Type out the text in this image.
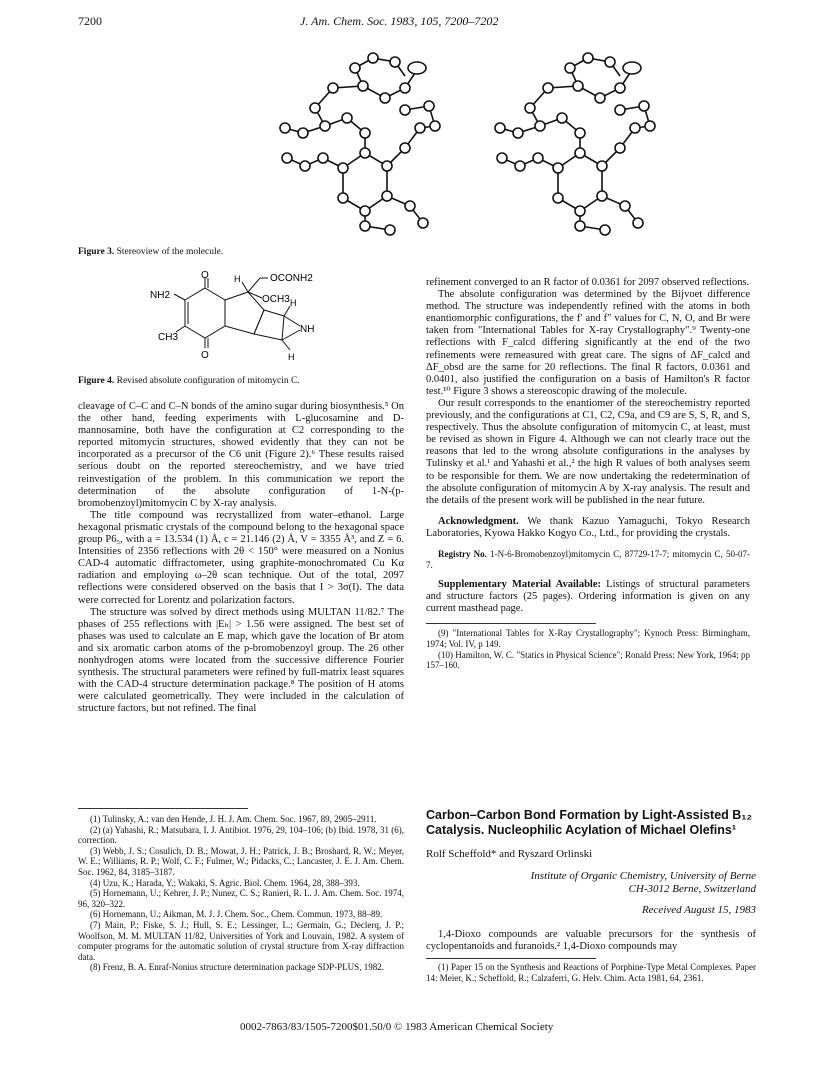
7200	J. Am. Chem. Soc. 1983, 105, 7200–7202
Figure 3. Stereoview of the molecule.
O
O
NH2
CH3
H	OCONH2
OCH3 H
H
NH
Figure 4. Revised absolute configuration of mitomycin C.

cleavage of C–C and C–N bonds of the amino sugar during biosynthesis.⁵ On the other hand, feeding experiments with L-glucosamine and D-mannosamine, both have the configuration at C2 corresponding to the reported mitomycin structures, showed evidently that they can not be incorporated as a precursor of the C6 unit (Figure 2).⁶ These results raised serious doubt on the reported stereochemistry, and we have tried reinvestigation of the problem. In this communication we report the determination of the absolute configuration of 1-N-(p-bromobenzoyl)mitomycin C by X-ray analysis.

The title compound was recrystallized from water–ethanol. Large hexagonal prismatic crystals of the compound belong to the hexagonal space group P6₅, with a = 13.534 (1) Å, c = 21.146 (2) Å, V = 3355 Å³, and Z = 6. Intensities of 2356 reflections with 2θ < 150° were measured on a Nonius CAD-4 automatic diffractometer, using graphite-monochromated Cu Kα radiation and employing ω–2θ scan technique. Out of the total, 2097 reflections were considered observed on the basis that I > 3σ(I). The data were corrected for Lorentz and polarization factors.

The structure was solved by direct methods using MULTAN 11/82.⁷ The phases of 255 reflections with |Eₕ| > 1.56 were assigned. The best set of phases was used to calculate an E map, which gave the location of Br atom and six aromatic carbon atoms of the p-bromobenzoyl group. The 26 other nonhydrogen atoms were located from the successive difference Fourier synthesis. The structural parameters were refined by full-matrix least squares with the CAD-4 structure determination package.⁸ The position of H atoms were calculated geometrically. They were included in the calculation of structure factors, but not refined. The final

refinement converged to an R factor of 0.0361 for 2097 observed reflections.

The absolute configuration was determined by the Bijvoet difference method. The structure was independently refined with the atoms in both enantiomorphic configurations, the f′ and f″ values for C, N, O, and Br were taken from "International Tables for X-ray Crystallography".⁹ Twenty-one reflections with F_calcd differing significantly at the end of the two refinements were remeasured with great care. The signs of ΔF_calcd and ΔF_obsd are the same for 20 reflections. The final R factors, 0.0361 and 0.0401, also justified the configuration on a basis of Hamilton's R factor test.¹⁰ Figure 3 shows a stereoscopic drawing of the molecule.

Our result corresponds to the enantiomer of the stereochemistry reported previously, and the configurations at C1, C2, C9a, and C9 are S, S, R, and S, respectively. Thus the absolute configuration of mitomycin C, at least, must be revised as shown in Figure 4. Although we can not clearly trace out the reasons that led to the wrong absolute configurations in the analyses by Tulinsky et al.¹ and Yahashi et al.,² the high R values of both analyses seem to be responsible for them. We are now undertaking the redetermination of the absolute configuration of mitomycin A by X-ray analysis. The result and the details of the present work will be published in the near future.

Acknowledgment. We thank Kazuo Yamaguchi, Tokyo Research Laboratories, Kyowa Hakko Kogyo Co., Ltd., for providing the crystals.

Registry No. 1-N-6-Bromobenzoyl)mitomycin C, 87729-17-7; mitomycin C, 50-07-7.

Supplementary Material Available: Listings of structural parameters and structure factors (25 pages). Ordering information is given on any current masthead page.

(9) "International Tables for X-Ray Crystallography"; Kynoch Press: Birmingham, 1974; Vol. IV, p 149.

(10) Hamilton, W. C. "Statics in Physical Science"; Ronald Press: New York, 1964; pp 157–160.

(1) Tulinsky, A.; van den Hende, J. H. J. Am. Chem. Soc. 1967, 89, 2905–2911.

(2) (a) Yahashi, R.; Matsubara, I. J. Antibiot. 1976, 29, 104–106; (b) Ibid. 1978, 31 (6), correction.

(3) Webb, J. S.; Cosulich, D. B.; Mowat, J. H.; Patrick, J. B.; Broshard, R. W.; Meyer, W. E.; Williams, R. P.; Wolf, C. F.; Fulmer, W.; Pidacks, C.; Lancaster, J. E. J. Am. Chem. Soc. 1962, 84, 3185–3187.

(4) Uzu, K.; Harada, Y.; Wakaki, S. Agric. Biol. Chem. 1964, 28, 388–393.

(5) Hornemann, U.; Kehrer, J. P.; Nunez, C. S.; Ranieri, R. L. J. Am. Chem. Soc. 1974, 96, 320–322.

(6) Hornemann, U.; Aikman, M. J. J. Chem. Soc., Chem. Commun. 1973, 88–89.

(7) Main, P.; Fiske, S. J.; Hull, S. E.; Lessinger, L.; Germain, G.; Declerq, J. P.; Woolfson, M. M. MULTAN 11/82, Universities of York and Louvain, 1982. A system of computer programs for the automatic solution of crystal structure from X-ray diffraction data.

(8) Frenz, B. A. Enraf-Nonius structure determination package SDP-PLUS, 1982.

Carbon–Carbon Bond Formation by Light-Assisted B₁₂
Catalysis. Nucleophilic Acylation of Michael Olefins¹
Rolf Scheffold* and Ryszard Orlinski
Institute of Organic Chemistry, University of Berne
CH-3012 Berne, Switzerland
Received August 15, 1983

1,4-Dioxo compounds are valuable precursors for the synthesis of cyclopentanoids and furanoids.² 1,4-Dioxo compounds may

(1) Paper 15 on the Synthesis and Reactions of Porphine-Type Metal Complexes. Paper 14: Meier, K.; Scheffold, R.; Calzaferri, G. Helv. Chim. Acta 1981, 64, 2361.

0002-7863/83/1505-7200$01.50/0 © 1983 American Chemical Society
